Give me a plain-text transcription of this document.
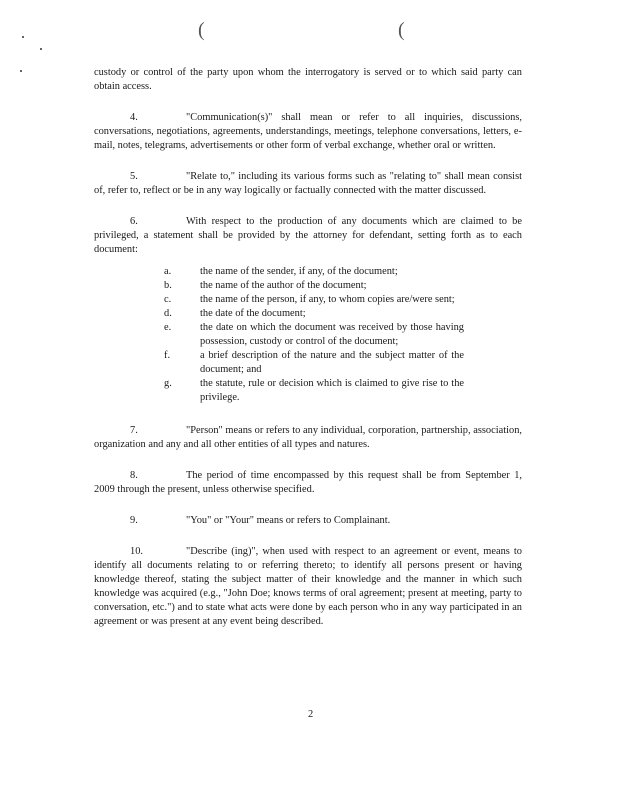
(	(

custody or control of the party upon whom the interrogatory is served or to which said party can obtain access.

4.	"Communication(s)" shall mean or refer to all inquiries, discussions, conversations, negotiations, agreements, understandings, meetings, telephone conversations, letters, e-mail, notes, telegrams, advertisements or other form of verbal exchange, whether oral or written.

5.	"Relate to," including its various forms such as "relating to" shall mean consist of, refer to, reflect or be in any way logically or factually connected with the matter discussed.

6.	With respect to the production of any documents which are claimed to be privileged, a statement shall be provided by the attorney for defendant, setting forth as to each document:

a.	the name of the sender, if any, of the document;
b.	the name of the author of the document;
c.	the name of the person, if any, to whom copies are/were sent;
d.	the date of the document;
e.	the date on which the document was received by those having possession, custody or control of the document;
f.	a brief description of the nature and the subject matter of the document; and
g.	the statute, rule or decision which is claimed to give rise to the privilege.

7.	"Person" means or refers to any individual, corporation, partnership, association, organization and any and all other entities of all types and natures.

8.	The period of time encompassed by this request shall be from September 1, 2009 through the present, unless otherwise specified.

9.	"You" or "Your" means or refers to Complainant.

10.	"Describe (ing)", when used with respect to an agreement or event, means to identify all documents relating to or referring thereto; to identify all persons present or having knowledge thereof, stating the subject matter of their knowledge and the manner in which such knowledge was acquired (e.g., "John Doe; knows terms of oral agreement; present at meeting, party to conversation, etc.") and to state what acts were done by each person who in any way participated in an agreement or was present at any event being described.

2
